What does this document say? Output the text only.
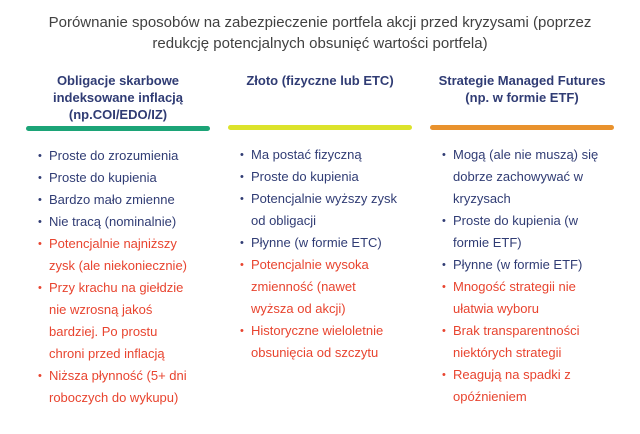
Porównanie sposobów na zabezpieczenie portfela akcji przed kryzysami (poprzez redukcję potencjalnych obsunięć wartości portfela)
Obligacje skarbowe indeksowane inflacją (np.COI/EDO/IZ)
• Proste do zrozumienia
• Proste do kupienia
• Bardzo mało zmienne
• Nie tracą (nominalnie)
• Potencjalnie najniższy zysk (ale niekoniecznie)
• Przy krachu na giełdzie nie wzrosną jakoś bardziej. Po prostu chroni przed inflacją
• Niższa płynność (5+ dni roboczych do wykupu)
Złoto (fizyczne lub ETC)
• Ma postać fizyczną
• Proste do kupienia
• Potencjalnie wyższy zysk od obligacji
• Płynne (w formie ETC)
• Potencjalnie wysoka zmienność (nawet wyższa od akcji)
• Historyczne wieloletnie obsunięcia od szczytu
Strategie Managed Futures (np. w formie ETF)
• Mogą (ale nie muszą) się dobrze zachowywać w kryzysach
• Proste do kupienia (w formie ETF)
• Płynne (w formie ETF)
• Mnogość strategii nie ułatwia wyboru
• Brak transparentności niektórych strategii
• Reagują na spadki z opóźnieniem
